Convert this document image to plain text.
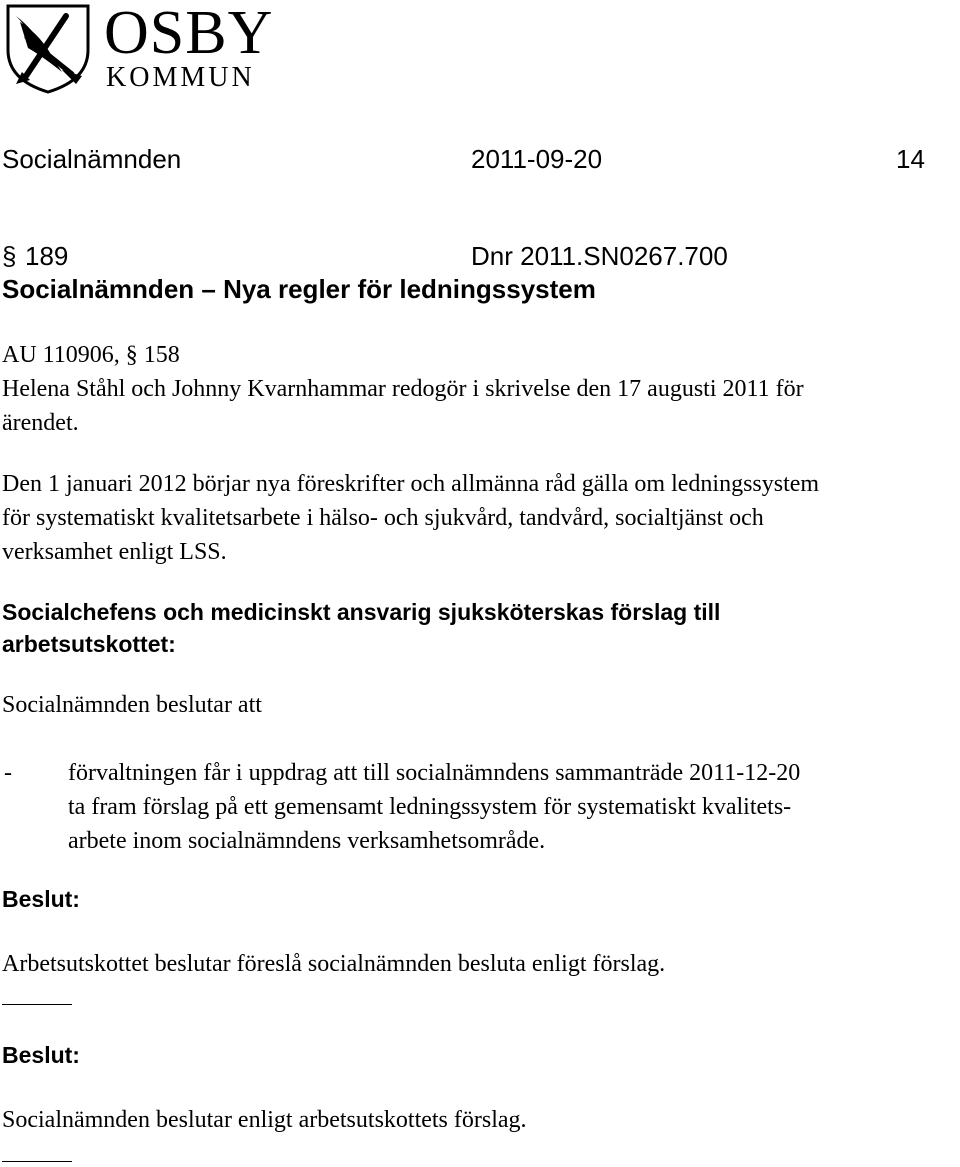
OSBY
KOMMUN
Socialnämnden	2011-09-20	14
§ 189	Dnr 2011.SN0267.700
Socialnämnden – Nya regler för ledningssystem
AU 110906, § 158
Helena Ståhl och Johnny Kvarnhammar redogör i skrivelse den 17 augusti 2011 för
ärendet.
Den 1 januari 2012 börjar nya föreskrifter och allmänna råd gälla om ledningssystem
för systematiskt kvalitetsarbete i hälso- och sjukvård, tandvård, socialtjänst och
verksamhet enligt LSS.
Socialchefens och medicinskt ansvarig sjuksköterskas förslag till
arbetsutskottet:
Socialnämnden beslutar att
- förvaltningen får i uppdrag att till socialnämndens sammanträde 2011-12-20
ta fram förslag på ett gemensamt ledningssystem för systematiskt kvalitets-
arbete inom socialnämndens verksamhetsområde.
Beslut:
Arbetsutskottet beslutar föreslå socialnämnden besluta enligt förslag.
Beslut:
Socialnämnden beslutar enligt arbetsutskottets förslag.
